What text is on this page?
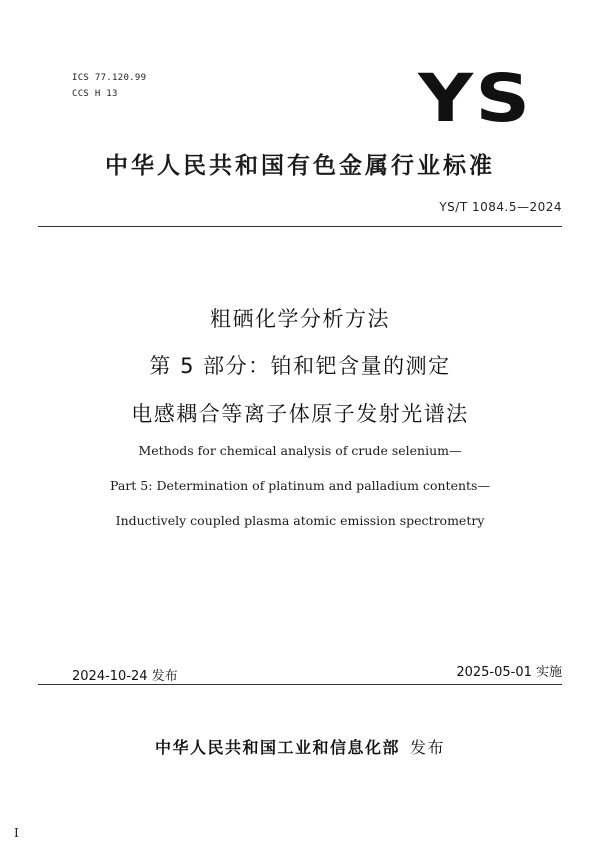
ICS 77.120.99
CCS H 13	YS
中华人民共和国有色金属行业标准
YS/T 1084.5—2024
粗硒化学分析方法
第 5 部分：铂和钯含量的测定
电感耦合等离子体原子发射光谱法
Methods for chemical analysis of crude selenium—
Part 5: Determination of platinum and palladium contents—
Inductively coupled plasma atomic emission spectrometry
2024-10-24 发布	2025-05-01 实施
中华人民共和国工业和信息化部 发布
I
